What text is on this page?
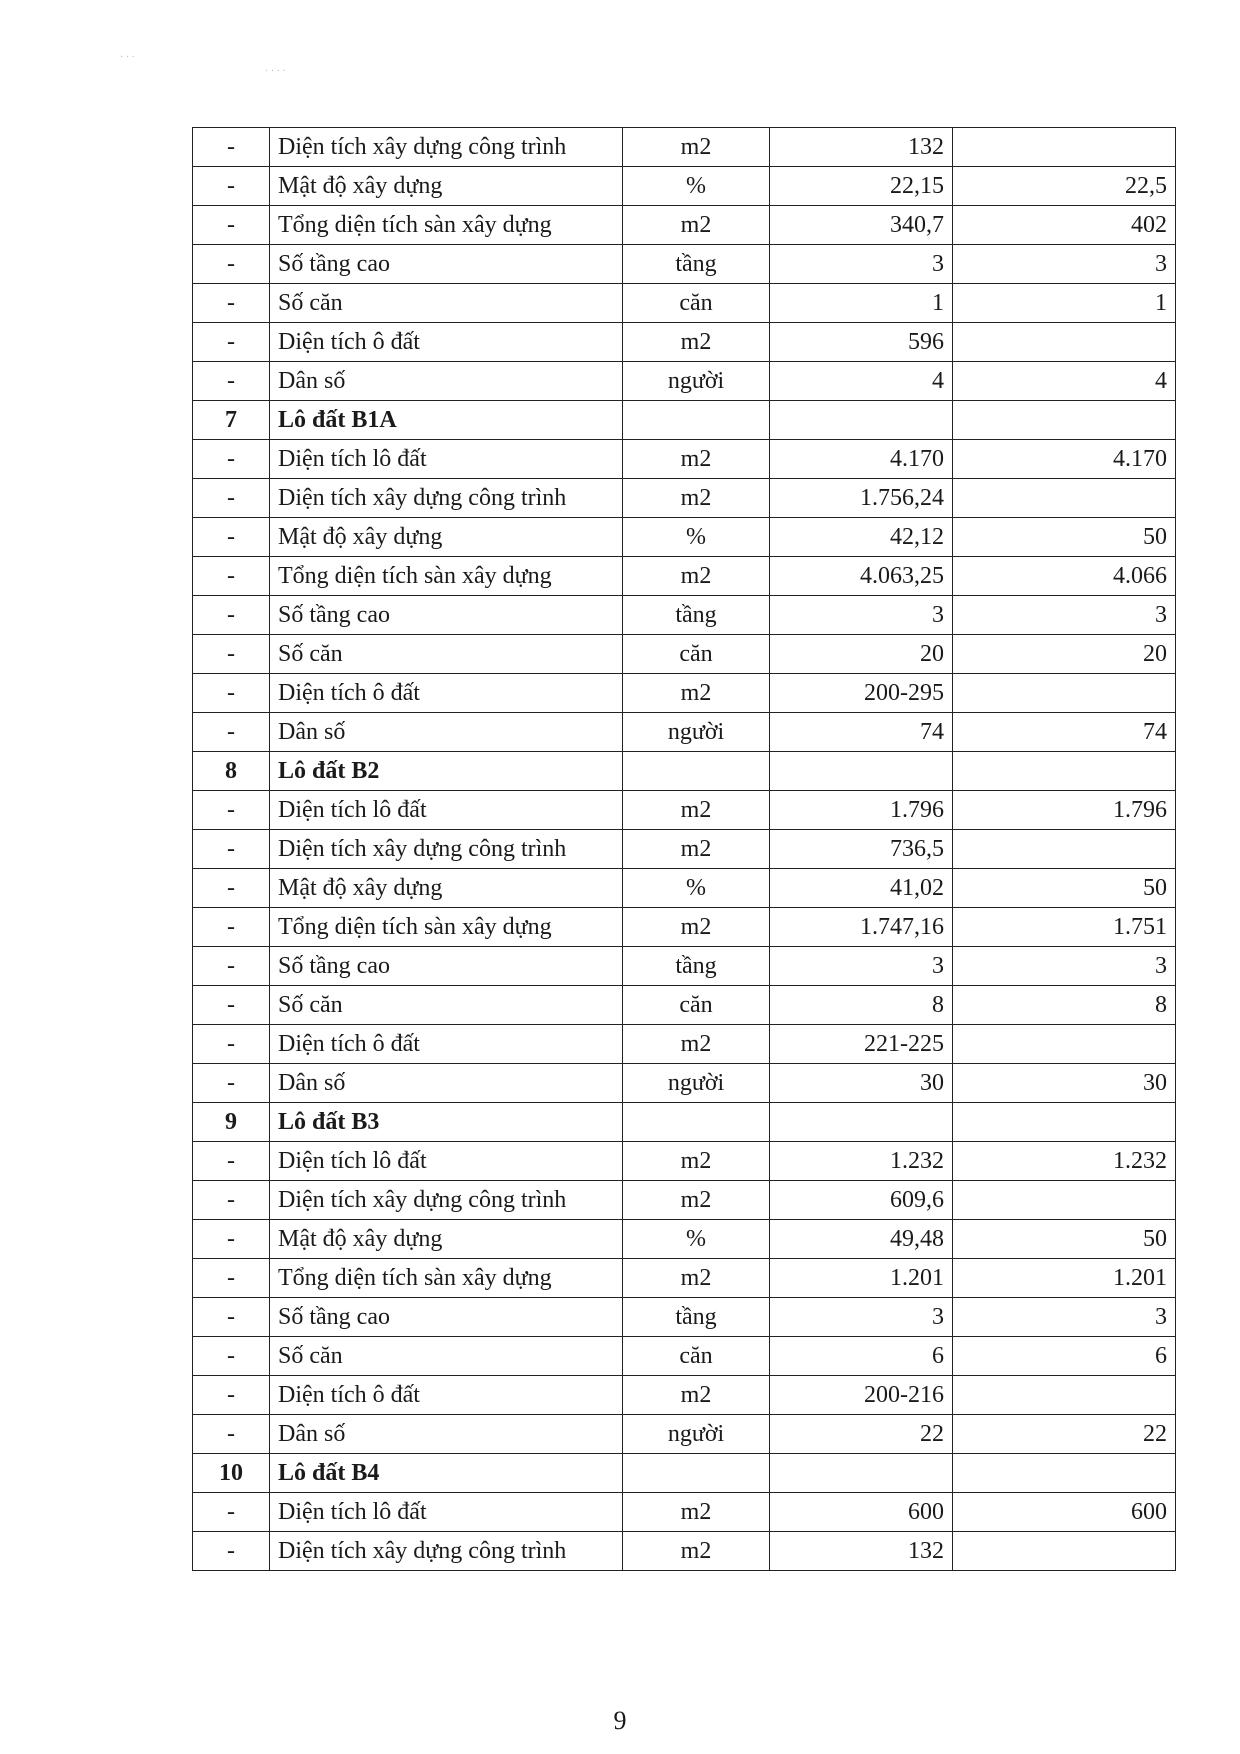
· · ·
· · · ·
-	Diện tích xây dựng công trình	m2	132	
-	Mật độ xây dựng	%	22,15	22,5
-	Tổng diện tích sàn xây dựng	m2	340,7	402
-	Số tầng cao	tầng	3	3
-	Số căn	căn	1	1
-	Diện tích ô đất	m2	596	
-	Dân số	người	4	4
7	Lô đất B1A			
-	Diện tích lô đất	m2	4.170	4.170
-	Diện tích xây dựng công trình	m2	1.756,24	
-	Mật độ xây dựng	%	42,12	50
-	Tổng diện tích sàn xây dựng	m2	4.063,25	4.066
-	Số tầng cao	tầng	3	3
-	Số căn	căn	20	20
-	Diện tích ô đất	m2	200-295	
-	Dân số	người	74	74
8	Lô đất B2			
-	Diện tích lô đất	m2	1.796	1.796
-	Diện tích xây dựng công trình	m2	736,5	
-	Mật độ xây dựng	%	41,02	50
-	Tổng diện tích sàn xây dựng	m2	1.747,16	1.751
-	Số tầng cao	tầng	3	3
-	Số căn	căn	8	8
-	Diện tích ô đất	m2	221-225	
-	Dân số	người	30	30
9	Lô đất B3			
-	Diện tích lô đất	m2	1.232	1.232
-	Diện tích xây dựng công trình	m2	609,6	
-	Mật độ xây dựng	%	49,48	50
-	Tổng diện tích sàn xây dựng	m2	1.201	1.201
-	Số tầng cao	tầng	3	3
-	Số căn	căn	6	6
-	Diện tích ô đất	m2	200-216	
-	Dân số	người	22	22
10	Lô đất B4			
-	Diện tích lô đất	m2	600	600
-	Diện tích xây dựng công trình	m2	132	
9
